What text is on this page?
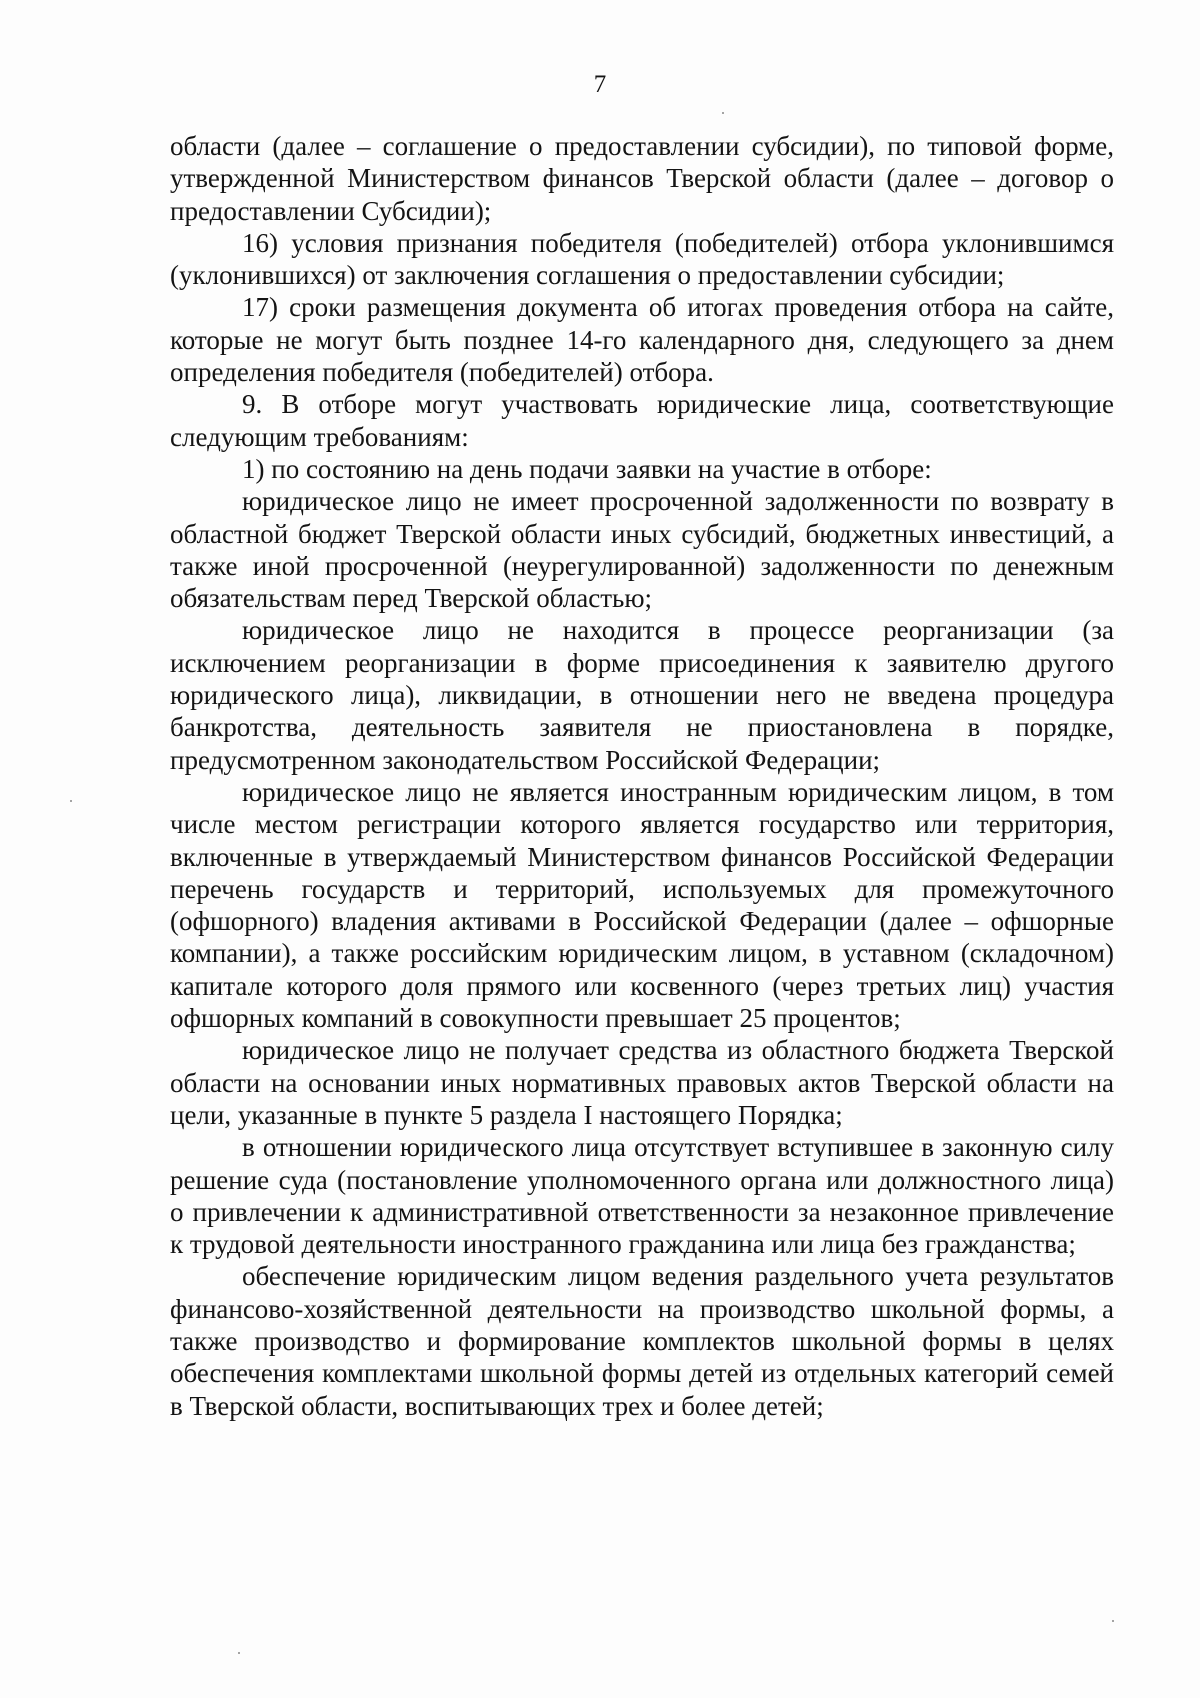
7

области (далее – соглашение о предоставлении субсидии), по типовой форме, утвержденной Министерством финансов Тверской области (далее – договор о предоставлении Субсидии);

16) условия признания победителя (победителей) отбора уклонившимся (уклонившихся) от заключения соглашения о предоставлении субсидии;

17) сроки размещения документа об итогах проведения отбора на сайте, которые не могут быть позднее 14-го календарного дня, следующего за днем определения победителя (победителей) отбора.

9. В отборе могут участвовать юридические лица, соответствующие следующим требованиям:

1) по состоянию на день подачи заявки на участие в отборе:

юридическое лицо не имеет просроченной задолженности по возврату в областной бюджет Тверской области иных субсидий, бюджетных инвестиций, а также иной просроченной (неурегулированной) задолженности по денежным обязательствам перед Тверской областью;

юридическое лицо не находится в процессе реорганизации (за исключением реорганизации в форме присоединения к заявителю другого юридического лица), ликвидации, в отношении него не введена процедура банкротства, деятельность заявителя не приостановлена в порядке, предусмотренном законодательством Российской Федерации;

юридическое лицо не является иностранным юридическим лицом, в том числе местом регистрации которого является государство или территория, включенные в утверждаемый Министерством финансов Российской Федерации перечень государств и территорий, используемых для промежуточного (офшорного) владения активами в Российской Федерации (далее – офшорные компании), а также российским юридическим лицом, в уставном (складочном) капитале которого доля прямого или косвенного (через третьих лиц) участия офшорных компаний в совокупности превышает 25 процентов;

юридическое лицо не получает средства из областного бюджета Тверской области на основании иных нормативных правовых актов Тверской области на цели, указанные в пункте 5 раздела I настоящего Порядка;

в отношении юридического лица отсутствует вступившее в законную силу решение суда (постановление уполномоченного органа или должностного лица) о привлечении к административной ответственности за незаконное привлечение к трудовой деятельности иностранного гражданина или лица без гражданства;

обеспечение юридическим лицом ведения раздельного учета результатов финансово-хозяйственной деятельности на производство школьной формы, а также производство и формирование комплектов школьной формы в целях обеспечения комплектами школьной формы детей из отдельных категорий семей в Тверской области, воспитывающих трех и более детей;
